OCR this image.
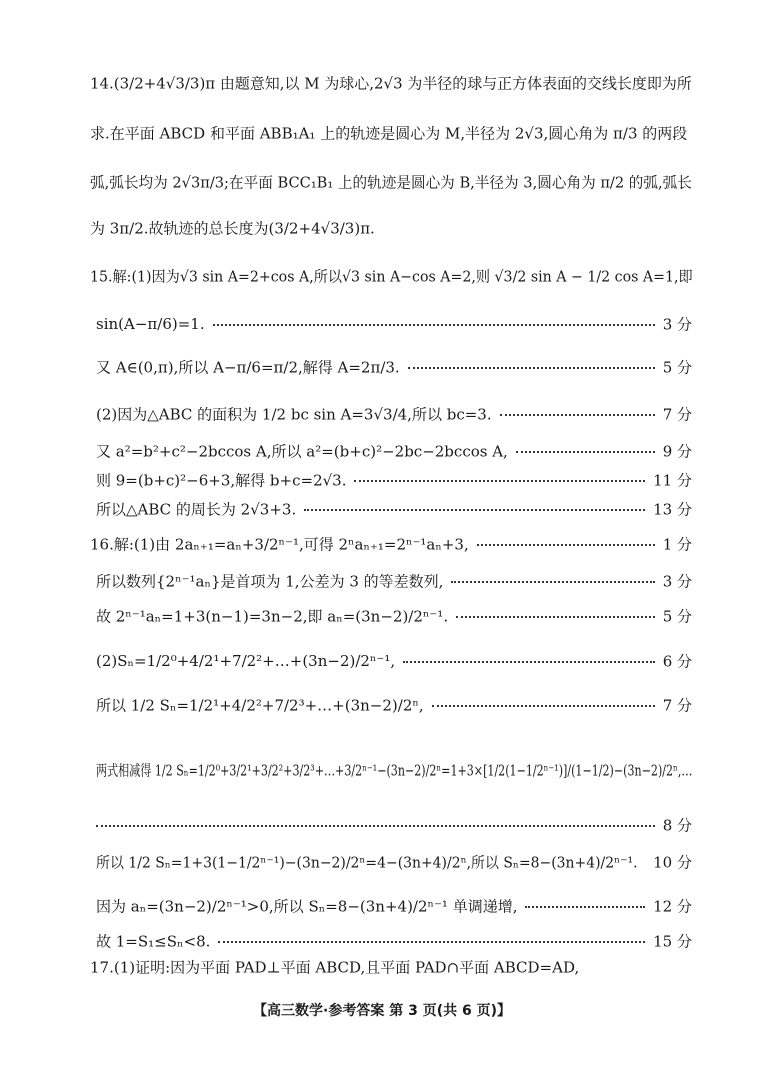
14.(3/2+4√3/3)π 由题意知,以 M 为球心,2√3 为半径的球与正方体表面的交线长度即为所
求.在平面 ABCD 和平面 ABB₁A₁ 上的轨迹是圆心为 M,半径为 2√3,圆心角为 π/3 的两段
弧,弧长均为 2√3π/3;在平面 BCC₁B₁ 上的轨迹是圆心为 B,半径为 3,圆心角为 π/2 的弧,弧长
为 3π/2.故轨迹的总长度为(3/2+4√3/3)π.
15.解:(1)因为√3 sin A=2+cos A,所以√3 sin A−cos A=2,则 √3/2 sin A − 1/2 cos A=1,即
sin(A−π/6)=1.	3 分
又 A∈(0,π),所以 A−π/6=π/2,解得 A=2π/3.	5 分
(2)因为△ABC 的面积为 1/2 bc sin A=3√3/4,所以 bc=3.	7 分
又 a²=b²+c²−2bccos A,所以 a²=(b+c)²−2bc−2bccos A,	9 分
则 9=(b+c)²−6+3,解得 b+c=2√3.	11 分
所以△ABC 的周长为 2√3+3.	13 分
16.解:(1)由 2aₙ₊₁=aₙ+3/2ⁿ⁻¹,可得 2ⁿaₙ₊₁=2ⁿ⁻¹aₙ+3,	1 分
所以数列{2ⁿ⁻¹aₙ}是首项为 1,公差为 3 的等差数列,	3 分
故 2ⁿ⁻¹aₙ=1+3(n−1)=3n−2,即 aₙ=(3n−2)/2ⁿ⁻¹.	5 分
(2)Sₙ=1/2⁰+4/2¹+7/2²+…+(3n−2)/2ⁿ⁻¹,	6 分
所以 1/2 Sₙ=1/2¹+4/2²+7/2³+…+(3n−2)/2ⁿ,	7 分
两式相减得 1/2 Sₙ=1/2⁰+3/2¹+3/2²+3/2³+…+3/2ⁿ⁻¹−(3n−2)/2ⁿ=1+3×[1/2(1−1/2ⁿ⁻¹)]/(1−1/2)−(3n−2)/2ⁿ,…
8 分
所以 1/2 Sₙ=1+3(1−1/2ⁿ⁻¹)−(3n−2)/2ⁿ=4−(3n+4)/2ⁿ,所以 Sₙ=8−(3n+4)/2ⁿ⁻¹. 10 分
因为 aₙ=(3n−2)/2ⁿ⁻¹>0,所以 Sₙ=8−(3n+4)/2ⁿ⁻¹ 单调递增,	12 分
故 1=S₁≤Sₙ<8.	15 分
17.(1)证明:因为平面 PAD⊥平面 ABCD,且平面 PAD∩平面 ABCD=AD,
【高三数学·参考答案 第 3 页(共 6 页)】
